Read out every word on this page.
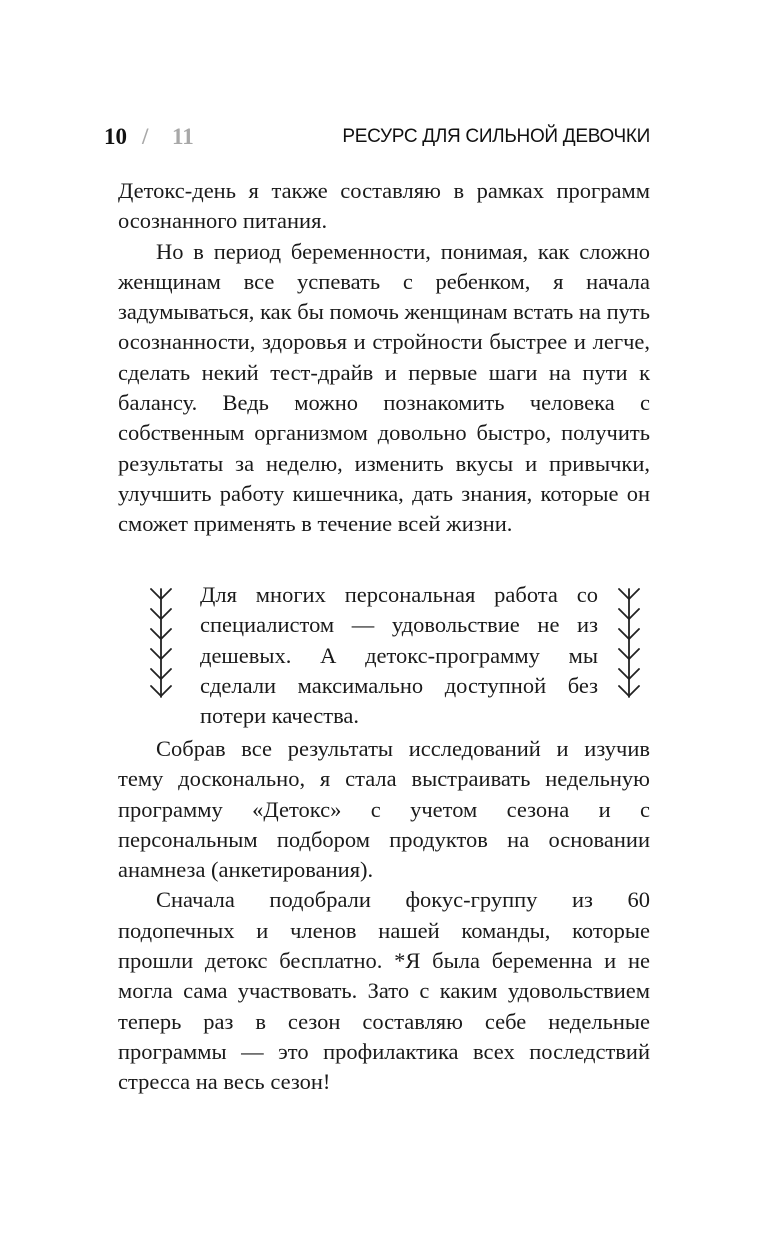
10 / 11	РЕСУРС ДЛЯ СИЛЬНОЙ ДЕВОЧКИ

Детокс-день я также составляю в рамках программ осознанного питания.

Но в период беременности, понимая, как сложно женщинам все успевать с ребенком, я начала задумываться, как бы помочь женщинам встать на путь осознанности, здоровья и стройности быстрее и легче, сделать некий тест-драйв и первые шаги на пути к балансу. Ведь можно познакомить человека с собственным организмом довольно быстро, получить результаты за неделю, изменить вкусы и привычки, улучшить работу кишечника, дать знания, которые он сможет применять в течение всей жизни.

Для многих персональная работа со специалистом — удовольствие не из дешевых. А детокс-программу мы сделали максимально доступной без потери качества.

Собрав все результаты исследований и изучив тему досконально, я стала выстраивать недельную программу «Детокс» с учетом сезона и с персональным подбором продуктов на основании анамнеза (анкетирования).

Сначала подобрали фокус-группу из 60 подопечных и членов нашей команды, которые прошли детокс бесплатно. *Я была беременна и не могла сама участвовать. Зато с каким удовольствием теперь раз в сезон составляю себе недельные программы — это профилактика всех последствий стресса на весь сезон!
